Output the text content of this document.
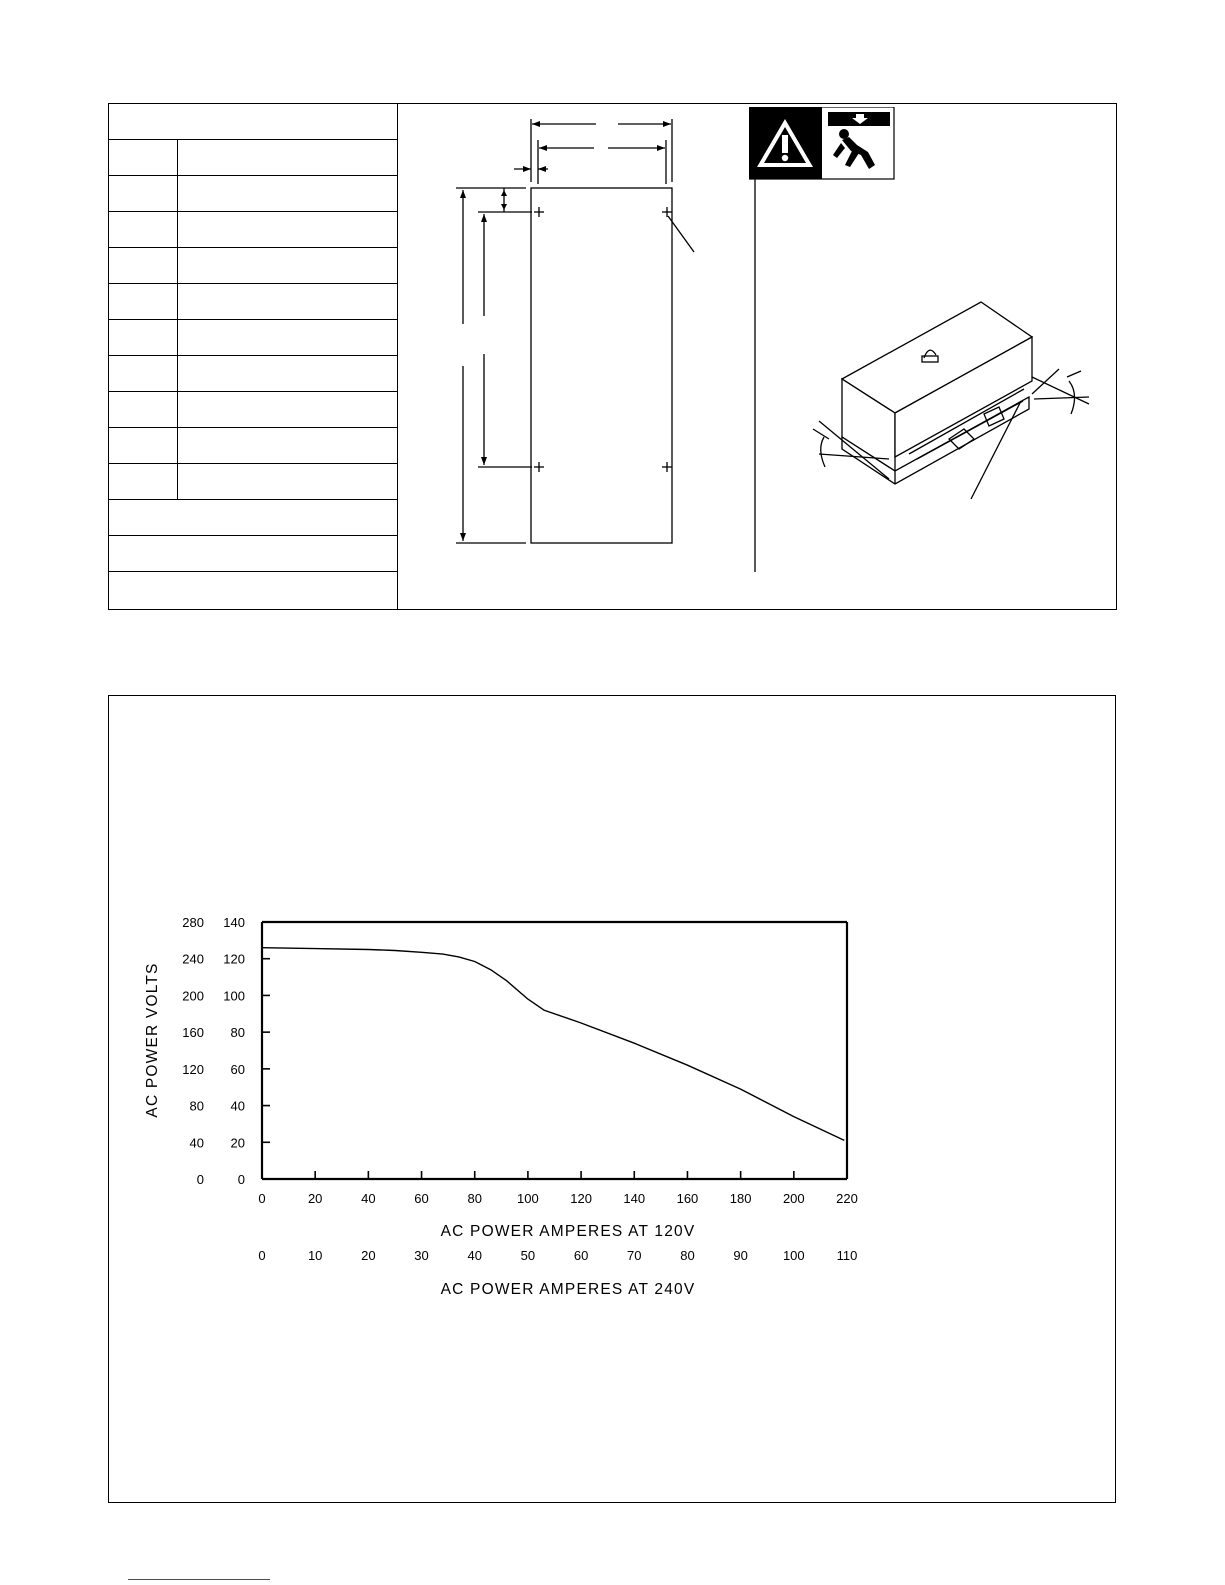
0
40
80
120
160
200
240
280
0
20
40
60
80
100
120
140
0	20	40	60	80	100 120 140 160 180 200 220
0	10	20	30	40	50	60	70	80	90	100 110
AC POWER VOLTS
AC POWER AMPERES AT 120V
AC POWER AMPERES AT 240V
